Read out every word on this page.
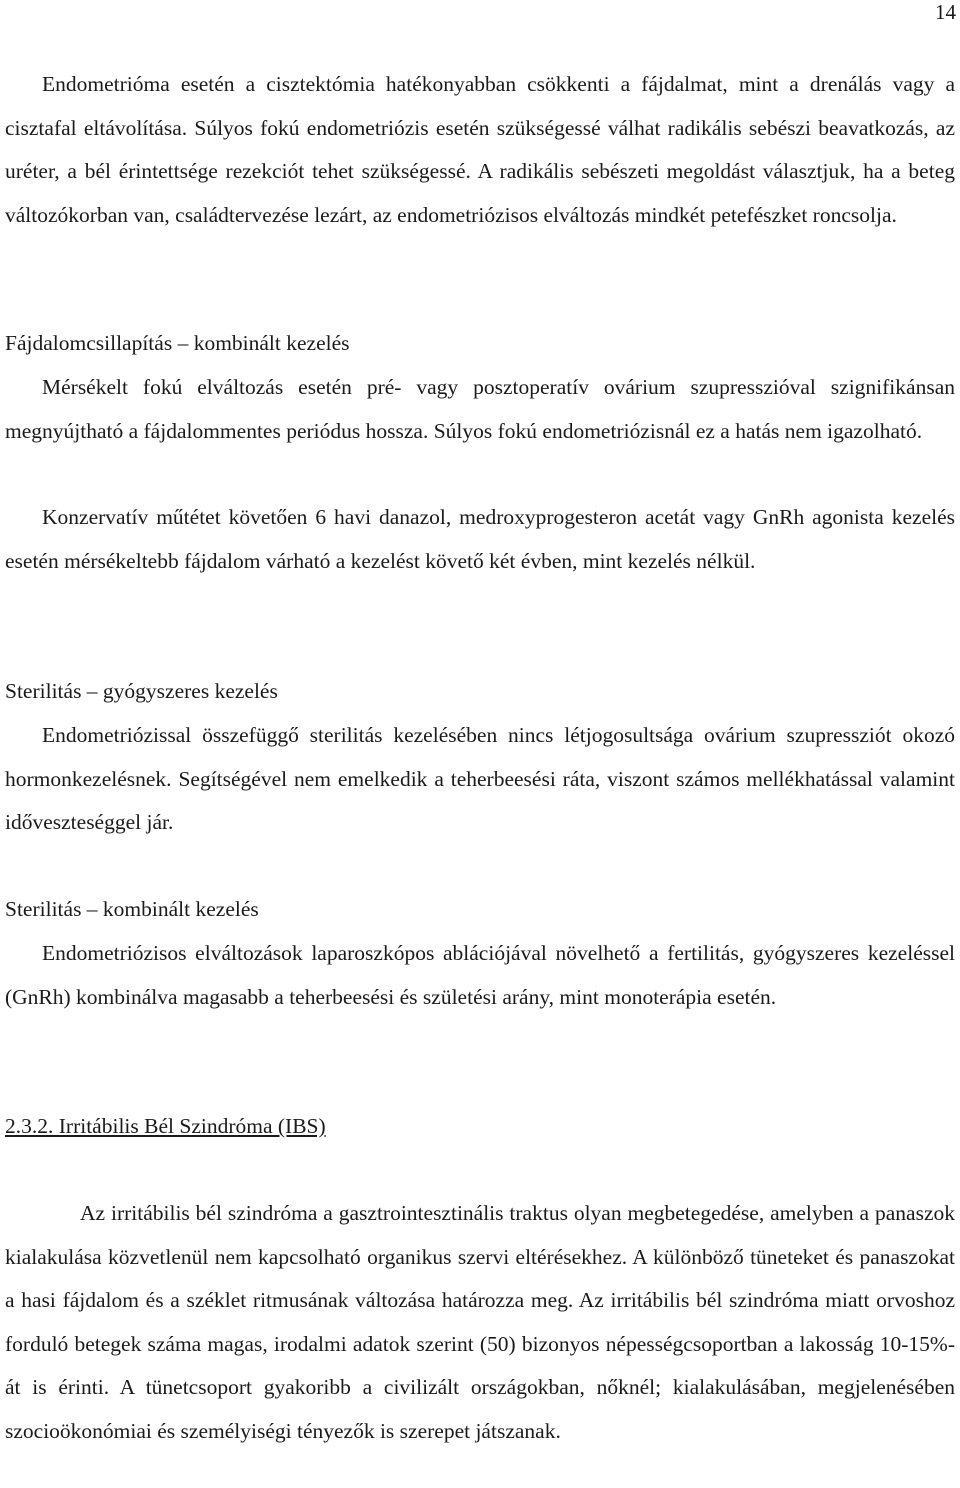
14

Endometrióma esetén a cisztektómia hatékonyabban csökkenti a fájdalmat, mint a drenálás vagy a cisztafal eltávolítása. Súlyos fokú endometriózis esetén szükségessé válhat radikális sebészi beavatkozás, az uréter, a bél érintettsége rezekciót tehet szükségessé. A radikális sebészeti megoldást választjuk, ha a beteg változókorban van, családtervezése lezárt, az endometriózisos elváltozás mindkét petefészket roncsolja.

Fájdalomcsillapítás – kombinált kezelés

Mérsékelt fokú elváltozás esetén pré- vagy posztoperatív ovárium szupresszióval szignifikánsan megnyújtható a fájdalommentes periódus hossza. Súlyos fokú endometriózisnál ez a hatás nem igazolható.

Konzervatív műtétet követően 6 havi danazol, medroxyprogesteron acetát vagy GnRh agonista kezelés esetén mérsékeltebb fájdalom várható a kezelést követő két évben, mint kezelés nélkül.

Sterilitás – gyógyszeres kezelés

Endometriózissal összefüggő sterilitás kezelésében nincs létjogosultsága ovárium szupressziót okozó hormonkezelésnek. Segítségével nem emelkedik a teherbeesési ráta, viszont számos mellékhatással valamint időveszteséggel jár.

Sterilitás – kombinált kezelés

Endometriózisos elváltozások laparoszkópos ablációjával növelhető a fertilitás, gyógyszeres kezeléssel (GnRh) kombinálva magasabb a teherbeesési és születési arány, mint monoterápia esetén.

2.3.2. Irritábilis Bél Szindróma (IBS)

Az irritábilis bél szindróma a gasztrointesztinális traktus olyan megbetegedése, amelyben a panaszok kialakulása közvetlenül nem kapcsolható organikus szervi eltérésekhez. A különböző tüneteket és panaszokat a hasi fájdalom és a széklet ritmusának változása határozza meg. Az irritábilis bél szindróma miatt orvoshoz forduló betegek száma magas, irodalmi adatok szerint (50) bizonyos népességcsoportban a lakosság 10-15%-át is érinti. A tünetcsoport gyakoribb a civilizált országokban, nőknél; kialakulásában, megjelenésében szocioökonómiai és személyiségi tényezők is szerepet játszanak.
